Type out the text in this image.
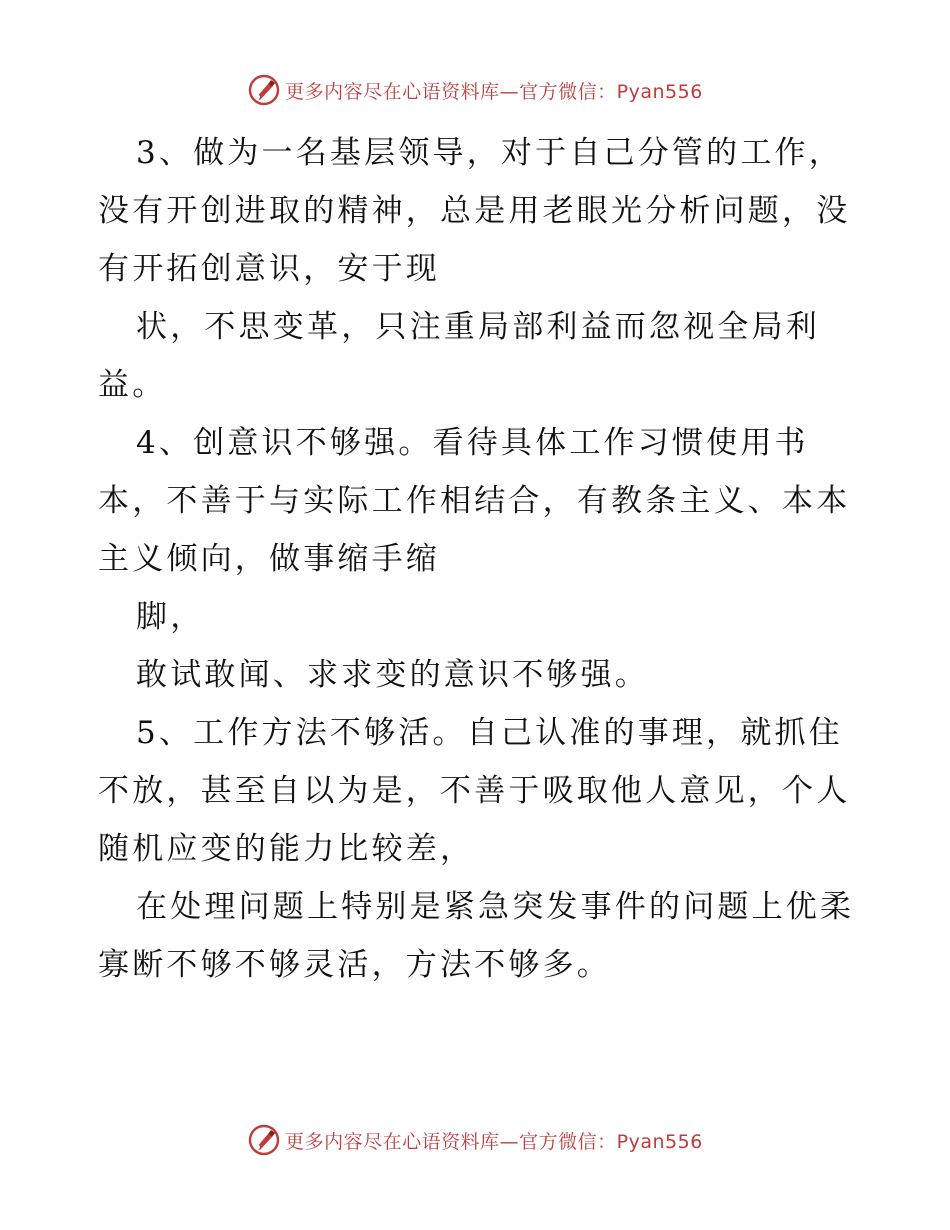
更多内容尽在心语资料库—官方微信：Pyan556
3、做为一名基层领导，对于自己分管的工作，
没有开创进取的精神，总是用老眼光分析问题，没
有开拓创意识，安于现
状，不思变革，只注重局部利益而忽视全局利
益。
4、创意识不够强。看待具体工作习惯使用书
本，不善于与实际工作相结合，有教条主义、本本
主义倾向，做事缩手缩
脚，
敢试敢闻、求求变的意识不够强。
5、工作方法不够活。自己认准的事理，就抓住
不放，甚至自以为是，不善于吸取他人意见，个人
随机应变的能力比较差，
在处理问题上特别是紧急突发事件的问题上优柔
寡断不够不够灵活，方法不够多。
更多内容尽在心语资料库—官方微信：Pyan556
